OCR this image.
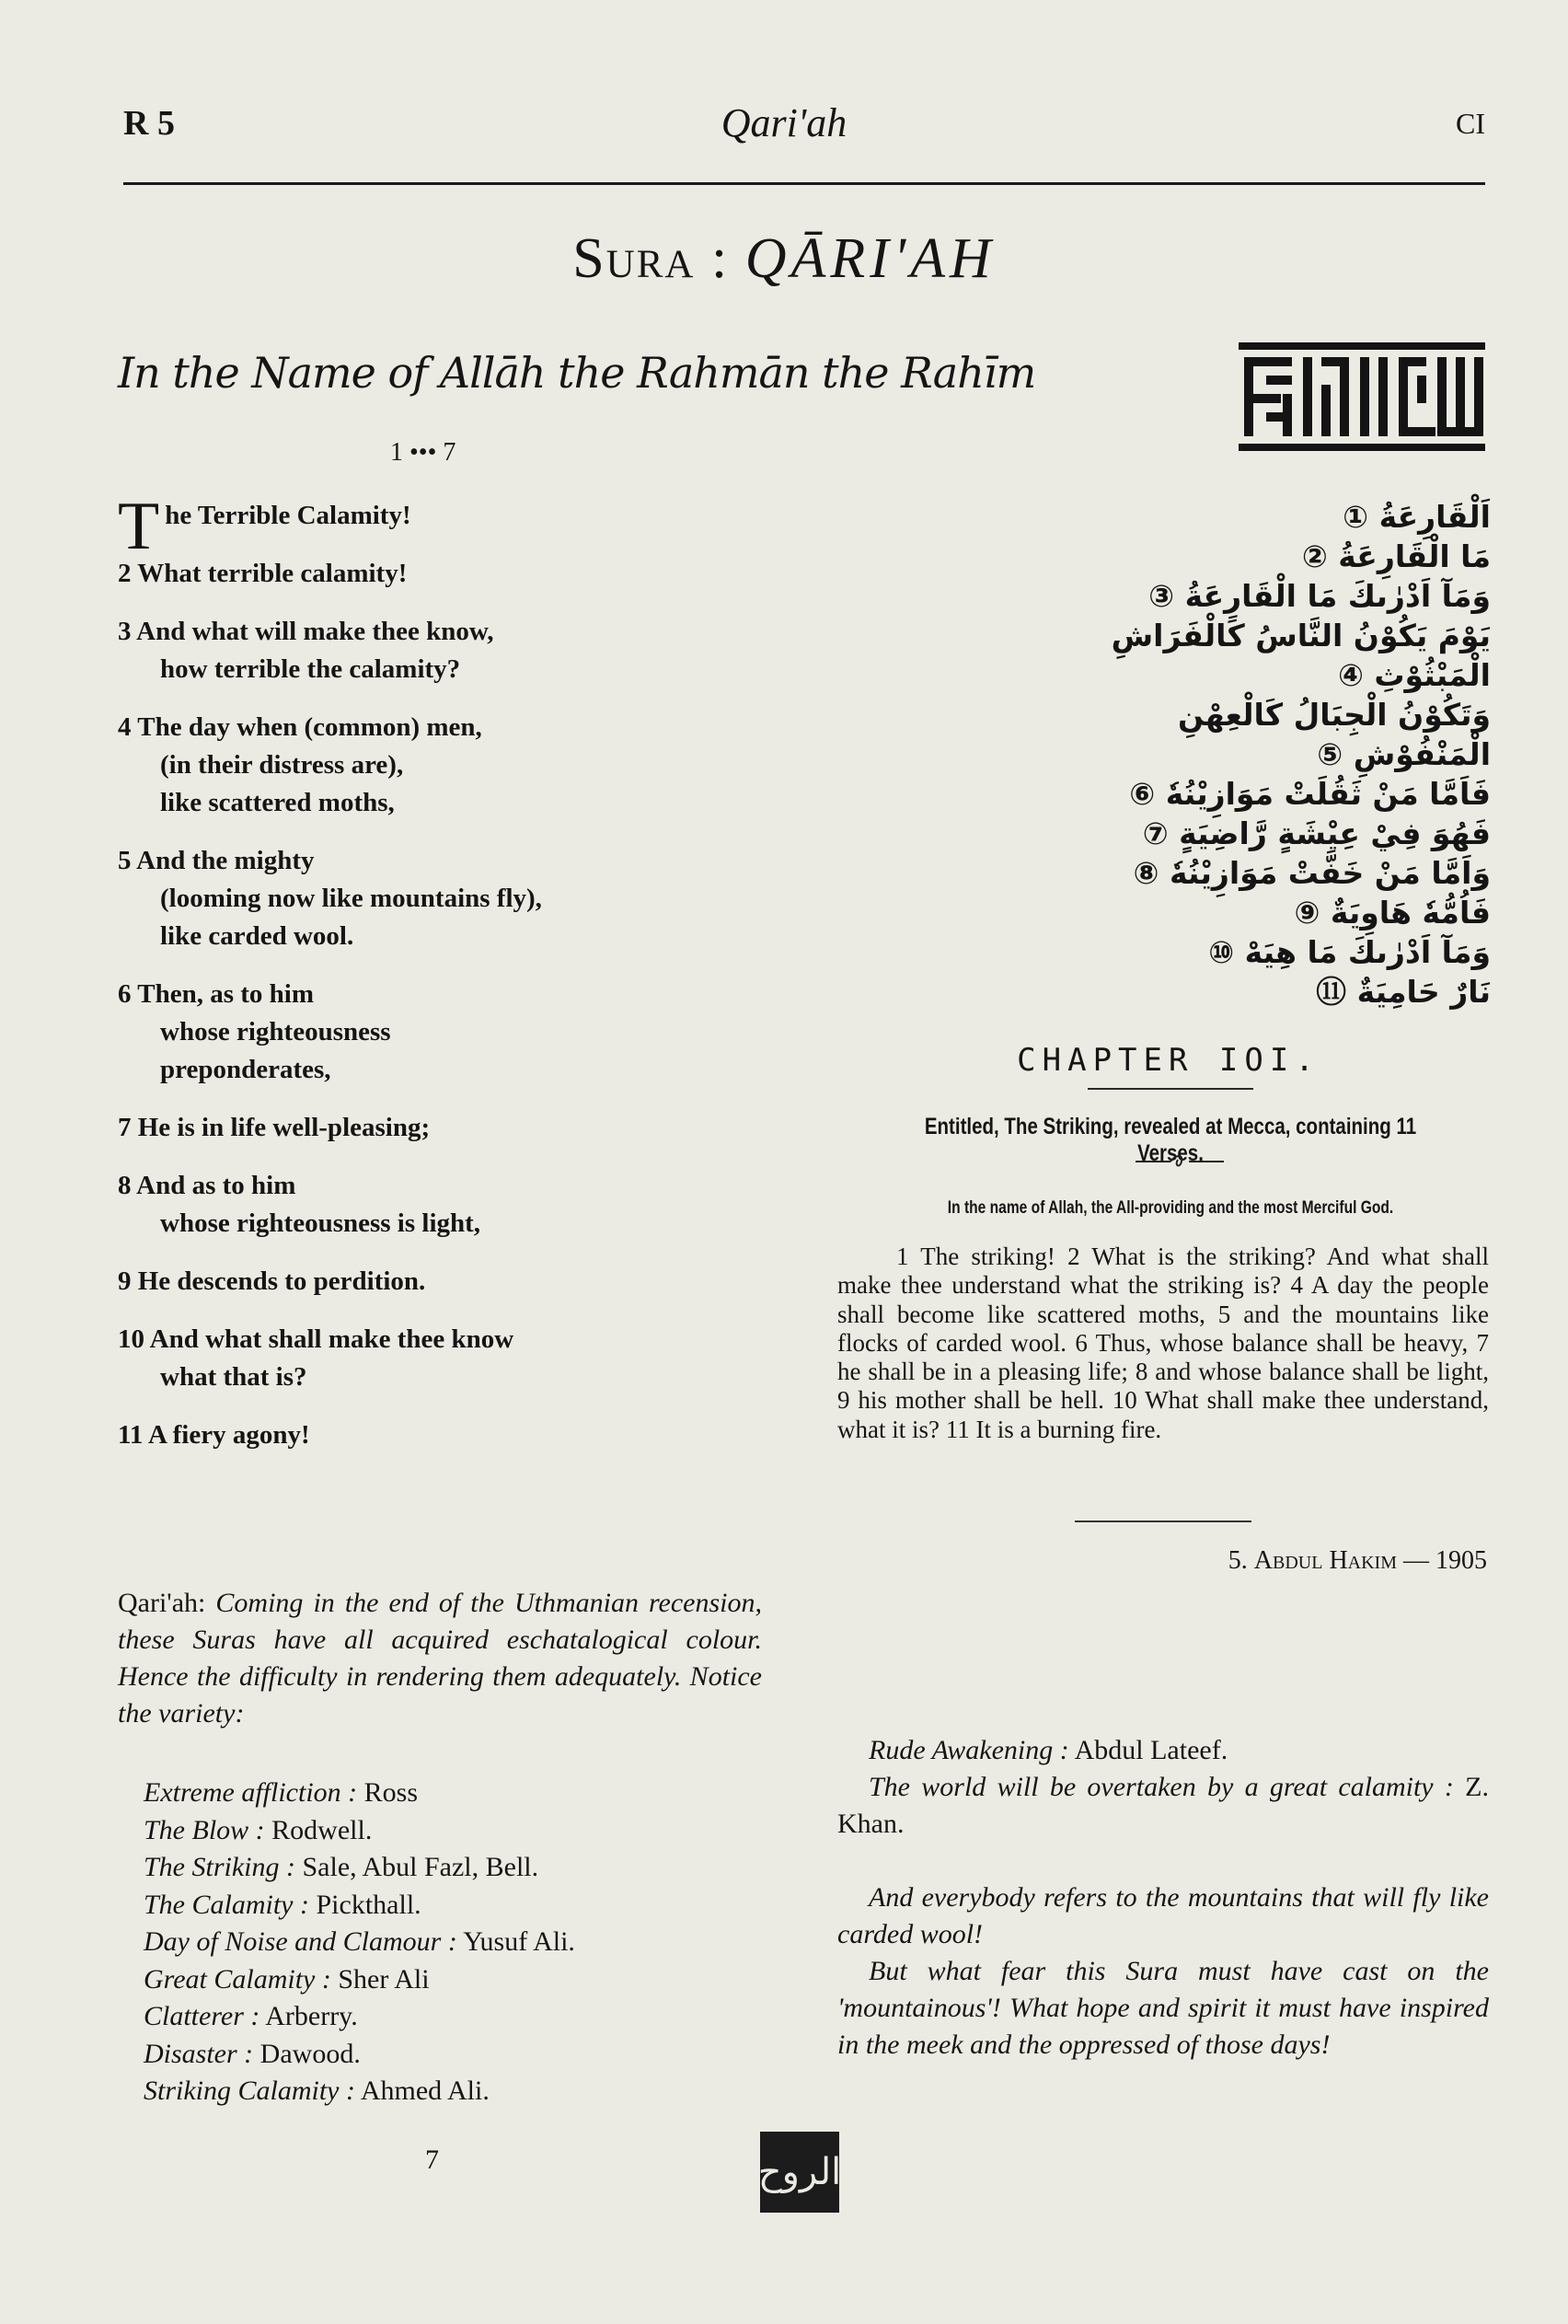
R 5	Qari'ah	CI
Sura : QĀRI'AH
In the Name of Allāh the Rahmān the Rahīm
1 ••• 7
The Terrible Calamity!
2 What terrible calamity!
3 And what will make thee know,

how terrible the calamity?
4 The day when (common) men,

(in their distress are),
like scattered moths,
5 And the mighty

(looming now like mountains fly),
like carded wool.
6 Then, as to him

whose righteousness
preponderates,
7 He is in life well-pleasing;
8 And as to him

whose righteousness is light,
9 He descends to perdition.
10 And what shall make thee know

what that is?
11 A fiery agony!
Qari'ah: Coming in the end of the Uthmanian recension, these Suras have all acquired eschatalogical colour. Hence the difficulty in rendering them adequately. Notice the variety:
Extreme affliction : Ross
The Blow : Rodwell.
The Striking : Sale, Abul Fazl, Bell.
The Calamity : Pickthall.
Day of Noise and Clamour : Yusuf Ali.
Great Calamity : Sher Ali
Clatterer : Arberry.
Disaster : Dawood.
Striking Calamity : Ahmed Ali.
7	الروح
اَلْقَارِعَةُ ①
مَا الْقَارِعَةُ ②
وَمَآ اَدْرٰىكَ مَا الْقَارِعَةُ ③
يَوْمَ يَكُوْنُ النَّاسُ كَالْفَرَاشِ الْمَبْثُوْثِ ④
وَتَكُوْنُ الْجِبَالُ كَالْعِهْنِ الْمَنْفُوْشِ ⑤
فَاَمَّا مَنْ ثَقُلَتْ مَوَازِيْنُهٗ ⑥
فَهُوَ فِيْ عِيْشَةٍ رَّاضِيَةٍ ⑦
وَاَمَّا مَنْ خَفَّتْ مَوَازِيْنُهٗ ⑧
فَاُمُّهٗ هَاوِيَةٌ ⑨
وَمَآ اَدْرٰىكَ مَا هِيَهْ ⑩
نَارٌ حَامِيَةٌ ⑪
CHAPTER IOI.
Entitled, The Striking, revealed at Mecca, containing 11 Verses.
In the name of Allah, the All-providing and the most Merciful God.
1 The striking! 2 What is the striking? And what shall make thee understand what the striking is? 4 A day the people shall become like scattered moths, 5 and the mountains like flocks of carded wool. 6 Thus, whose balance shall be heavy, 7 he shall be in a pleasing life; 8 and whose balance shall be light, 9 his mother shall be hell. 10 What shall make thee understand, what it is? 11 It is a burning fire.
5. Abdul Hakim — 1905

Rude Awakening : Abdul Lateef.

The world will be overtaken by a great calamity : Z. Khan.

And everybody refers to the mountains that will fly like carded wool!

But what fear this Sura must have cast on the 'mountainous'! What hope and spirit it must have inspired in the meek and the oppressed of those days!
